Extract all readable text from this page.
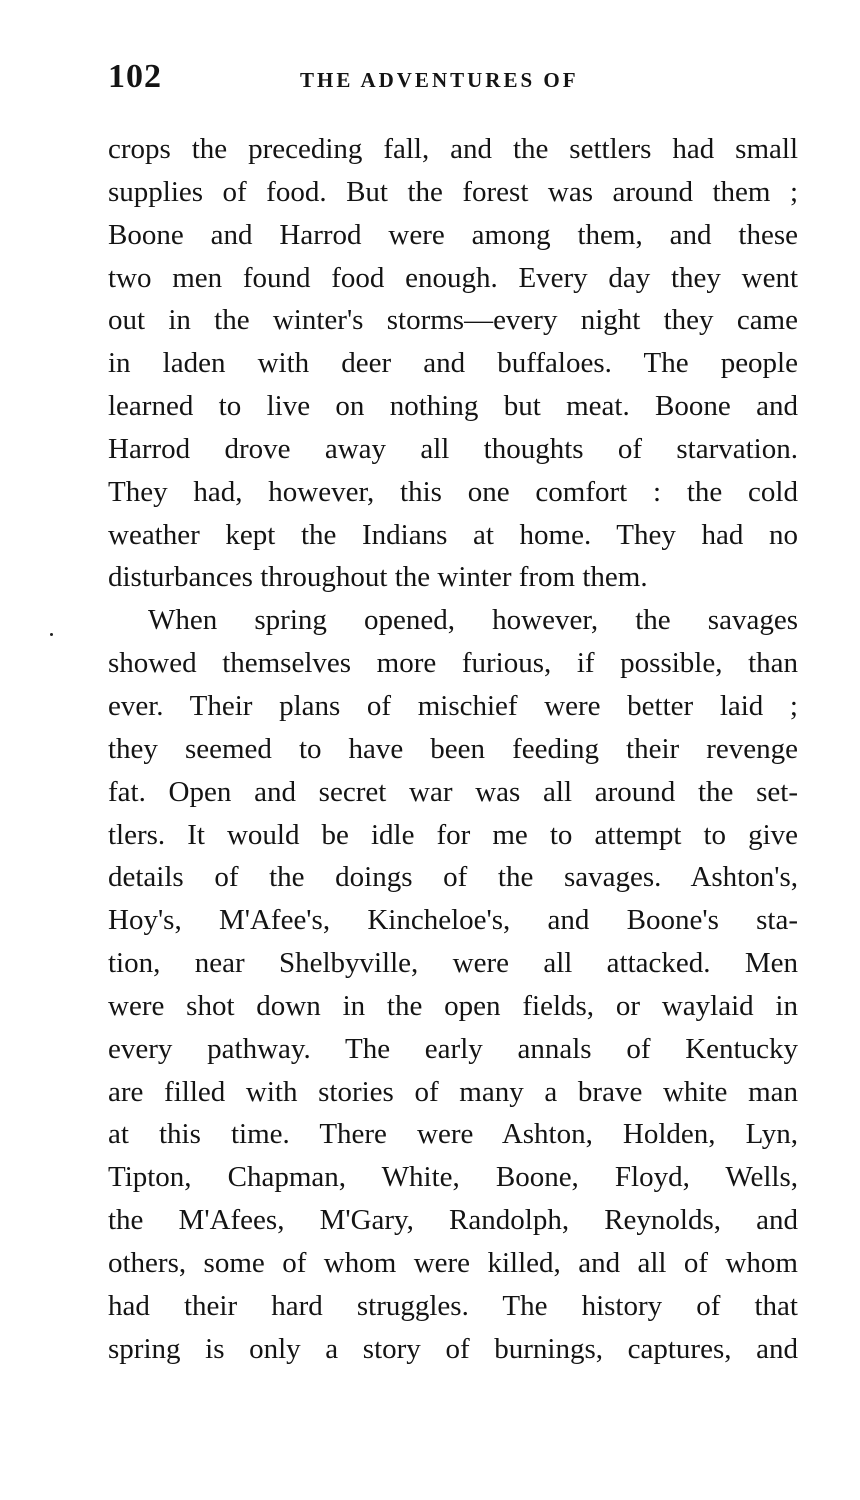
102	THE ADVENTURES OF
crops the preceding fall, and the settlers had small
supplies of food. But the forest was around them ;
Boone and Harrod were among them, and these
two men found food enough. Every day they went
out in the winter's storms—every night they came
in laden with deer and buffaloes. The people
learned to live on nothing but meat. Boone and
Harrod drove away all thoughts of starvation.
They had, however, this one comfort : the cold
weather kept the Indians at home. They had no
disturbances throughout the winter from them.
When spring opened, however, the savages
showed themselves more furious, if possible, than
ever. Their plans of mischief were better laid ;
they seemed to have been feeding their revenge
fat. Open and secret war was all around the set-
tlers. It would be idle for me to attempt to give
details of the doings of the savages. Ashton's,
Hoy's, M'Afee's, Kincheloe's, and Boone's sta-
tion, near Shelbyville, were all attacked. Men
were shot down in the open fields, or waylaid in
every pathway. The early annals of Kentucky
are filled with stories of many a brave white man
at this time. There were Ashton, Holden, Lyn,
Tipton, Chapman, White, Boone, Floyd, Wells,
the M'Afees, M'Gary, Randolph, Reynolds, and
others, some of whom were killed, and all of whom
had their hard struggles. The history of that
spring is only a story of burnings, captures, and
